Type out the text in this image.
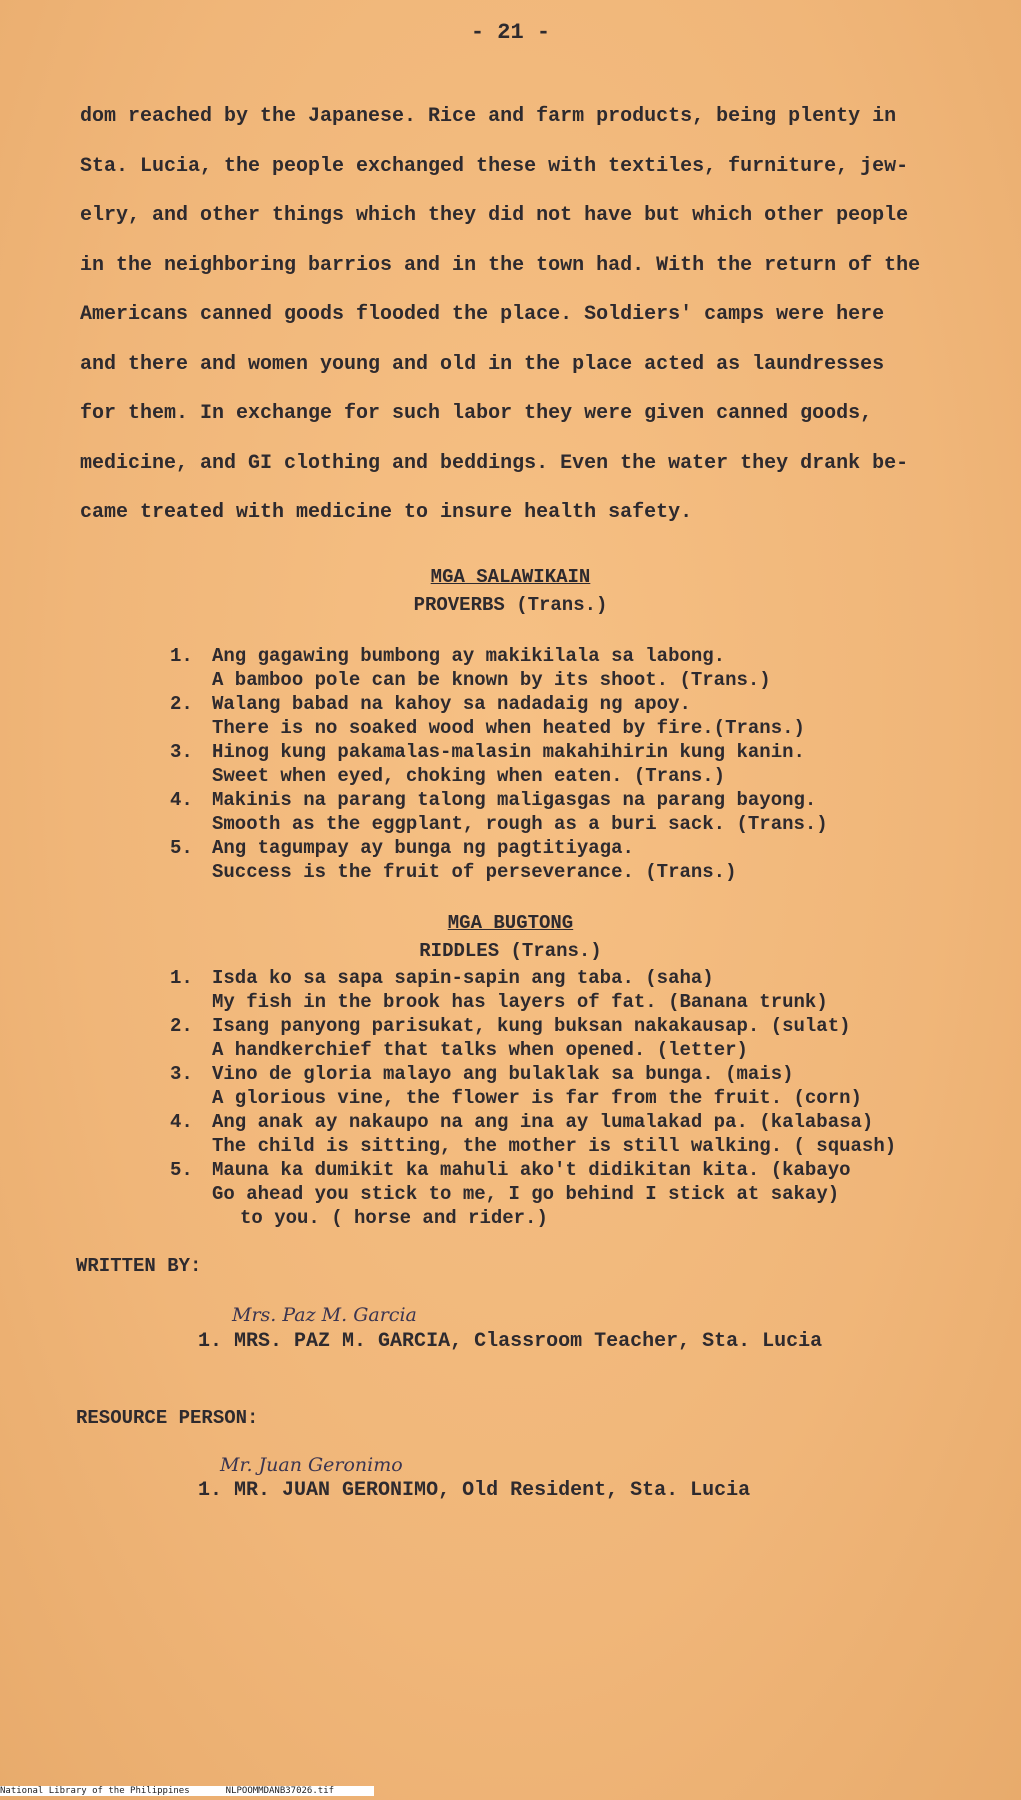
- 21 -

dom reached by the Japanese. Rice and farm products, being plenty in
Sta. Lucia, the people exchanged these with textiles, furniture, jew-
elry, and other things which they did not have but which other people
in the neighboring barrios and in the town had. With the return of the
Americans canned goods flooded the place. Soldiers' camps were here
and there and women young and old in the place acted as laundresses
for them. In exchange for such labor they were given canned goods,
medicine, and GI clothing and beddings. Even the water they drank be-
came treated with medicine to insure health safety.

MGA SALAWIKAIN
PROVERBS (Trans.)
1. Ang gagawing bumbong ay makikilala sa labong.
A bamboo pole can be known by its shoot. (Trans.)
2. Walang babad na kahoy sa nadadaig ng apoy.
There is no soaked wood when heated by fire.(Trans.)
3. Hinog kung pakamalas-malasin makahihirin kung kanin.
Sweet when eyed, choking when eaten. (Trans.)
4. Makinis na parang talong maligasgas na parang bayong.
Smooth as the eggplant, rough as a buri sack. (Trans.)
5. Ang tagumpay ay bunga ng pagtitiyaga.
Success is the fruit of perseverance. (Trans.)
MGA BUGTONG
RIDDLES (Trans.)
1. Isda ko sa sapa sapin-sapin ang taba. (saha)
My fish in the brook has layers of fat. (Banana trunk)
2. Isang panyong parisukat, kung buksan nakakausap. (sulat)
A handkerchief that talks when opened. (letter)
3. Vino de gloria malayo ang bulaklak sa bunga. (mais)
A glorious vine, the flower is far from the fruit. (corn)
4. Ang anak ay nakaupo na ang ina ay lumalakad pa. (kalabasa)
The child is sitting, the mother is still walking. ( squash)
5. Mauna ka dumikit ka mahuli ako't didikitan kita. (kabayo
Go ahead you stick to me, I go behind I stick at sakay)
to you. ( horse and rider.)
WRITTEN BY:
Mrs. Paz M. Garcia
1. MRS. PAZ M. GARCIA, Classroom Teacher, Sta. Lucia
RESOURCE PERSON:
Mr. Juan Geronimo
1. MR. JUAN GERONIMO, Old Resident, Sta. Lucia
National Library of the Philippines	NLPOOMMDANB37026.tif
